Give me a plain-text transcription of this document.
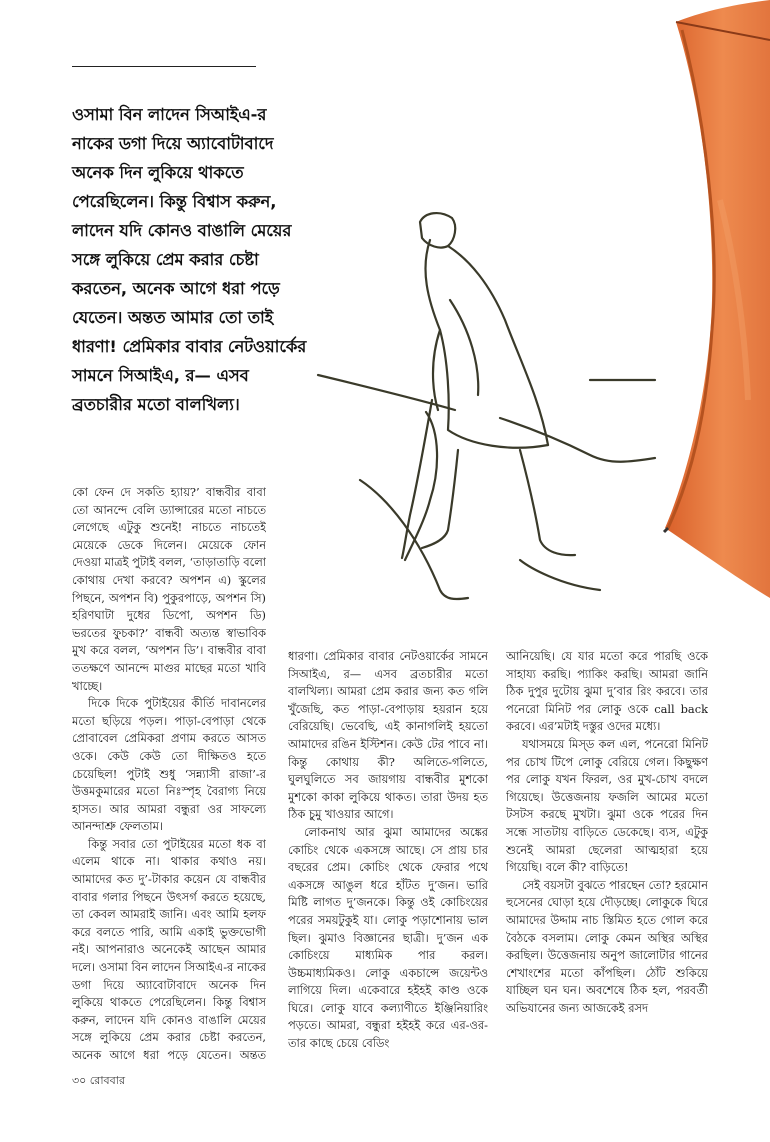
ওসামা বিন লাদেন সিআইএ-র নাকের ডগা দিয়ে অ্যাবোটাবাদে অনেক দিন লুকিয়ে থাকতে পেরেছিলেন। কিন্তু বিশ্বাস করুন, লাদেন যদি কোনও বাঙালি মেয়ের সঙ্গে লুকিয়ে প্রেম করার চেষ্টা করতেন, অনেক আগে ধরা পড়ে যেতেন। অন্তত আমার তো তাই ধারণা! প্রেমিকার বাবার নেটওয়ার্কের সামনে সিআইএ, র— এসব ব্রতচারীর মতো বালখিল্য।

কো ফেন দে সকতি হ্যায়?’ বান্ধবীর বাবা তো আনন্দে বেলি ড্যান্সারের মতো নাচতে লেগেছে এটুকু শুনেই! নাচতে নাচতেই মেয়েকে ডেকে দিলেন। মেয়েকে ফোন দেওয়া মাত্রই পুটাই বলল, ‘তাড়াতাড়ি বলো কোথায় দেখা করবে? অপশন এ) স্কুলের পিছনে, অপশন বি) পুকুরপাড়ে, অপশন সি) হরিণঘাটা দুধের ডিপো, অপশন ডি) ভরতের ফুচকা?’ বান্ধবী অত্যন্ত স্বাভাবিক মুখ করে বলল, ‘অপশন ডি’। বান্ধবীর বাবা ততক্ষণে আনন্দে মাগুর মাছের মতো খাবি খাচ্ছে।

দিকে দিকে পুটাইয়ের কীর্তি দাবানলের মতো ছড়িয়ে পড়ল। পাড়া-বেপাড়া থেকে প্রোবাবেল প্রেমিকরা প্রণাম করতে আসত ওকে। কেউ কেউ তো দীক্ষিতও হতে চেয়েছিল! পুটাই শুধু ‘সন্ন্যাসী রাজা’-র উত্তমকুমারের মতো নিঃস্পৃহ বৈরাগ্য নিয়ে হাসত। আর আমরা বন্ধুরা ওর সাফল্যে আনন্দাশ্রু ফেলতাম।

কিন্তু সবার তো পুটাইয়ের মতো ধক বা এলেম থাকে না। থাকার কথাও নয়। আমাদের কত দু’-টাকার কয়েন যে বান্ধবীর বাবার গলার পিছনে উৎসর্গ করতে হয়েছে, তা কেবল আমরাই জানি। এবং আমি হলফ করে বলতে পারি, আমি একাই ভুক্তভোগী নই। আপনারাও অনেকেই আছেন আমার দলে। ওসামা বিন লাদেন সিআইএ-র নাকের ডগা দিয়ে অ্যাবোটাবাদে অনেক দিন লুকিয়ে থাকতে পেরেছিলেন। কিন্তু বিশ্বাস করুন, লাদেন যদি কোনও বাঙালি মেয়ের সঙ্গে লুকিয়ে প্রেম করার চেষ্টা করতেন, অনেক আগে ধরা পড়ে যেতেন। অন্তত

ধারণা। প্রেমিকার বাবার নেটওয়ার্কের সামনে সিআইএ, র— এসব ব্রতচারীর মতো বালখিল্য। আমরা প্রেম করার জন্য কত গলি খুঁজেছি, কত পাড়া-বেপাড়ায় হয়রান হয়ে বেরিয়েছি। ভেবেছি, এই কানাগলিই হয়তো আমাদের রঙিন ইস্টিশন। কেউ টের পাবে না। কিন্তু কোথায় কী? অলিতে-গলিতে, ঘুলঘুলিতে সব জায়গায় বান্ধবীর মুশকো মুশকো কাকা লুকিয়ে থাকত। তারা উদয় হত ঠিক চুমু খাওয়ার আগে।

লোকনাথ আর ঝুমা আমাদের অঙ্কের কোচিং থেকে একসঙ্গে আছে। সে প্রায় চার বছরের প্রেম। কোচিং থেকে ফেরার পথে একসঙ্গে আঙুল ধরে হাঁটত দু’জন। ভারি মিষ্টি লাগত দু’জনকে। কিন্তু ওই কোচিংয়ের পরের সময়টুকুই যা। লোকু পড়াশোনায় ভাল ছিল। ঝুমাও বিজ্ঞানের ছাত্রী। দু’জন এক কোচিংয়ে মাধ্যমিক পার করল। উচ্চমাধ্যমিকও। লোকু একচান্সে জয়েন্টও লাগিয়ে দিল। একেবারে হইহই কাণ্ড ওকে ঘিরে। লোকু যাবে কল্যাণীতে ইঞ্জিনিয়ারিং পড়তে। আমরা, বন্ধুরা হইহই করে এর-ওর-তার কাছে চেয়ে বেডিং

আনিয়েছি। যে যার মতো করে পারছি ওকে সাহায্য করছি। প্যাকিং করছি। আমরা জানি ঠিক দুপুর দুটোয় ঝুমা দু’বার রিং করবে। তার পনেরো মিনিট পর লোকু ওকে call back করবে। এর’মটাই দস্তুর ওদের মধ্যে।

যথাসময়ে মিস্‌ড কল এল, পনেরো মিনিট পর চোখ টিপে লোকু বেরিয়ে গেল। কিছুক্ষণ পর লোকু যখন ফিরল, ওর মুখ-চোখ বদলে গিয়েছে। উত্তেজনায় ফজলি আমের মতো টসটস করছে মুখটা। ঝুমা ওকে পরের দিন সন্ধে সাতটায় বাড়িতে ডেকেছে। ব্যস, এটুকু শুনেই আমরা ছেলেরা আত্মহারা হয়ে গিয়েছি। বলে কী? বাড়িতে!

সেই বয়সটা বুঝতে পারছেন তো? হরমোন হুসেনের ঘোড়া হয়ে দৌড়চ্ছে। লোকুকে ঘিরে আমাদের উদ্দাম নাচ স্তিমিত হতে গোল করে বৈঠকে বসলাম। লোকু কেমন অস্থির অস্থির করছিল। উত্তেজনায় অনুপ জালোটার গানের শেখাংশের মতো কাঁপছিল। ঠোঁট শুকিয়ে যাচ্ছিল ঘন ঘন। অবশেষে ঠিক হল, পরবর্তী অভিযানের জন্য আজকেই রসদ

৩০ রোববার
